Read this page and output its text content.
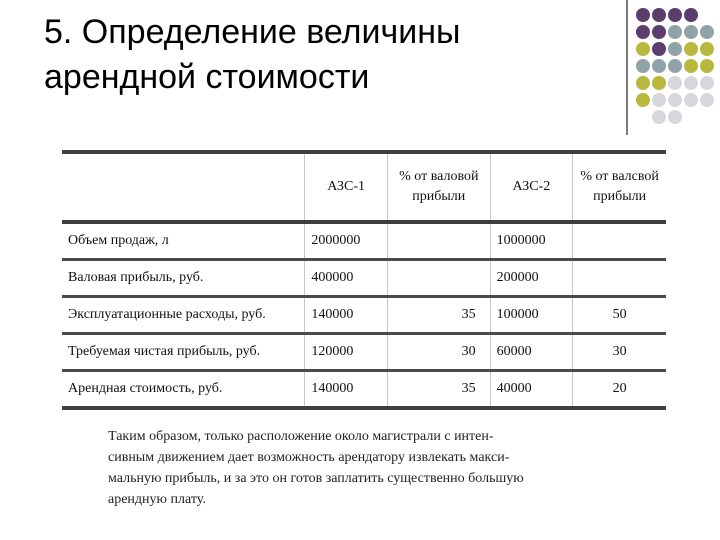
5. Определение величины
арендной стоимости
	АЗС-1	% от валовой прибыли	АЗС-2	% от валсвой прибыли
Объем продаж, л	2000000		1000000	
Валовая прибыль, руб.	400000		200000	
Эксплуатационные расходы, руб.	140000	35	100000	50
Требуемая чистая прибыль, руб.	120000	30	60000	30
Арендная стоимость, руб.	140000	35	40000	20
Таким образом, только расположение около магистрали с интен-
сивным движением дает возможность арендатору извлекать макси-
мальную прибыль, и за это он готов заплатить существенно большую
арендную плату.
